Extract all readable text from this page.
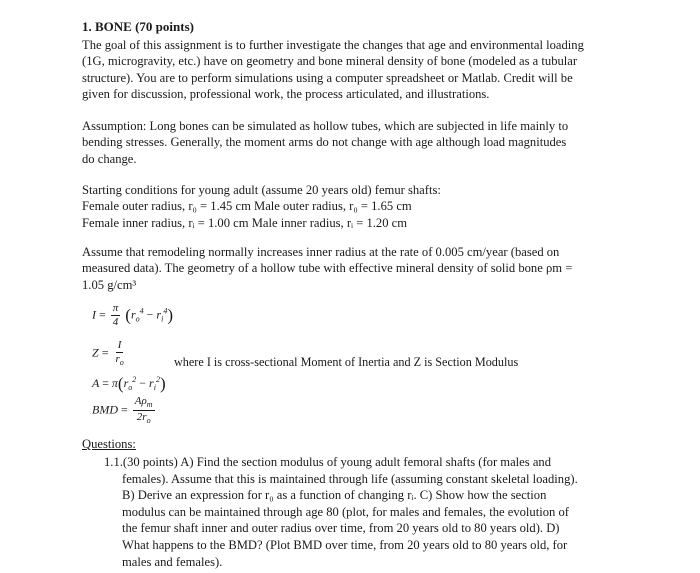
1. BONE (70 points)
The goal of this assignment is to further investigate the changes that age and environmental loading
(1G, microgravity, etc.) have on geometry and bone mineral density of bone (modeled as a tubular
structure). You are to perform simulations using a computer spreadsheet or Matlab. Credit will be
given for discussion, professional work, the process articulated, and illustrations.
Assumption: Long bones can be simulated as hollow tubes, which are subjected in life mainly to
bending stresses. Generally, the moment arms do not change with age although load magnitudes
do change.
Starting conditions for young adult (assume 20 years old) femur shafts:
Female outer radius, r₀ = 1.45 cm Male outer radius, r₀ = 1.65 cm
Female inner radius, rᵢ = 1.00 cm Male inner radius, rᵢ = 1.20 cm
Assume that remodeling normally increases inner radius at the rate of 0.005 cm/year (based on
measured data). The geometry of a hollow tube with effective mineral density of solid bone ρm =
1.05 g/cm³
$I = \frac{\pi}{4} (r_o^4 - r_i^4)$
$Z = \frac{I}{r_o}$	where I is cross-sectional Moment of Inertia and Z is Section Modulus
$A = \pi(r_o^2 - r_i^2)$
BMD = $\frac{A\rho_m}{2r_o}$
Questions:
1.1.(30 points) A) Find the section modulus of young adult femoral shafts (for males and
females). Assume that this is maintained through life (assuming constant skeletal loading).
B) Derive an expression for r₀ as a function of changing rᵢ. C) Show how the section
modulus can be maintained through age 80 (plot, for males and females, the evolution of
the femur shaft inner and outer radius over time, from 20 years old to 80 years old). D)
What happens to the BMD? (Plot BMD over time, from 20 years old to 80 years old, for
males and females).
